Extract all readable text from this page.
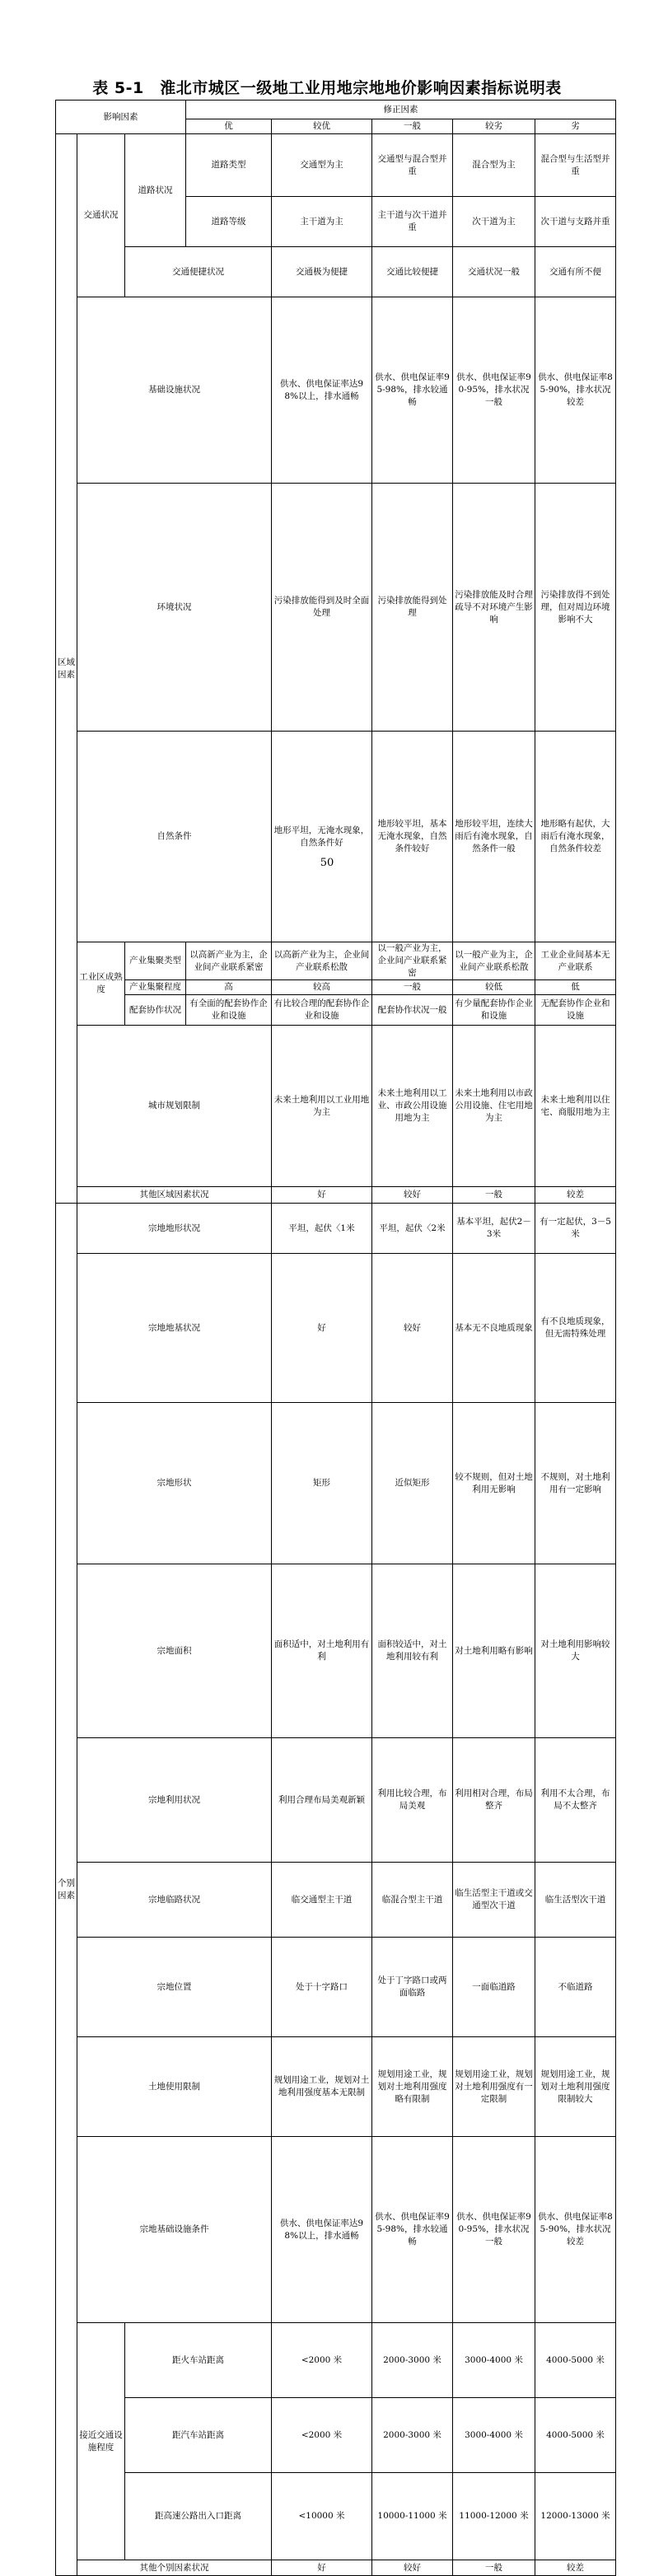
表 5-1　淮北市城区一级地工业用地宗地地价影响因素指标说明表
影响因素			修正因素					
			优	较优	一般	较劣	劣	
区域因素	交通状况	道路状况	道路类型	交通型为主	交通型与混合型并重	混合型为主	混合型与生活型并重	
			道路等级	主干道为主	主干道与次干道并重	次干道为主	次干道与支路并重	
		交通便捷状况		交通极为便捷	交通比较便捷	交通状况一般	交通有所不便	
	基础设施状况			供水、供电保证率达98%以上，排水通畅	供水、供电保证率95-98%，排水较通畅	供水、供电保证率90-95%，排水状况一般	供水、供电保证率85-90%，排水状况较差	
	环境状况			污染排放能得到及时全面处理	污染排放能得到处理	污染排放能及时合理疏导不对环境产生影响	污染排放得不到处理，但对周边环境影响不大	
	自然条件			地形平坦，无淹水现象，自然条件好	地形较平坦，基本无淹水现象，自然条件较好	地形较平坦，连续大雨后有淹水现象，自然条件一般	地形略有起伏，大雨后有淹水现象，自然条件较差	
	工业区成熟度	产业集聚类型	以高新产业为主，企业间产业联系紧密	以高新产业为主，企业间产业联系松散	以一般产业为主，企业间产业联系紧密	以一般产业为主，企业间产业联系松散	工业企业间基本无产业联系	
		产业集聚程度	高	较高	一般	较低	低	
		配套协作状况	有全面的配套协作企业和设施	有比较合理的配套协作企业和设施	配套协作状况一般	有少量配套协作企业和设施	无配套协作企业和设施	
	城市规划限制			未来土地利用以工业用地为主	未来土地利用以工业、市政公用设施用地为主	未来土地利用以市政公用设施、住宅用地为主	未来土地利用以住宅、商服用地为主	
	其他区域因素状况			好	较好	一般	较差	
个别因素	宗地地形状况			平坦，起伏〈1米	平坦，起伏〈2米	基本平坦，起伏2－3米	有一定起伏，3－5米	
	宗地地基状况			好	较好	基本无不良地质现象	有不良地质现象，但无需特殊处理	
	宗地形状			矩形	近似矩形	较不规则，但对土地利用无影响	不规则，对土地利用有一定影响	
	宗地面积			面积适中，对土地利用有利	面积较适中，对土地利用较有利	对土地利用略有影响	对土地利用影响较大	
	宗地利用状况			利用合理布局美观新颖	利用比较合理，布局美观	利用相对合理，布局整齐	利用不太合理，布局不太整齐	
	宗地临路状况			临交通型主干道	临混合型主干道	临生活型主干道或交通型次干道	临生活型次干道	
	宗地位置			处于十字路口	处于丁字路口或两面临路	一面临道路	不临道路	
	土地使用限制			规划用途工业，规划对土地利用强度基本无限制	规划用途工业，规划对土地利用强度略有限制	规划用途工业，规划对土地利用强度有一定限制	规划用途工业，规划对土地利用强度限制较大	
	宗地基础设施条件			供水、供电保证率达98%以上，排水通畅	供水、供电保证率95-98%，排水较通畅	供水、供电保证率90-95%，排水状况一般	供水、供电保证率85-90%，排水状况较差	
	接近交通设施程度	距火车站距离		<2000 米	2000-3000 米	3000-4000 米	4000-5000 米	
		距汽车站距离		<2000 米	2000-3000 米	3000-4000 米	4000-5000 米	
		距高速公路出入口距离		<10000 米	10000-11000 米	11000-12000 米	12000-13000 米	
	其他个别因素状况			好	较好	一般	较差	
50
